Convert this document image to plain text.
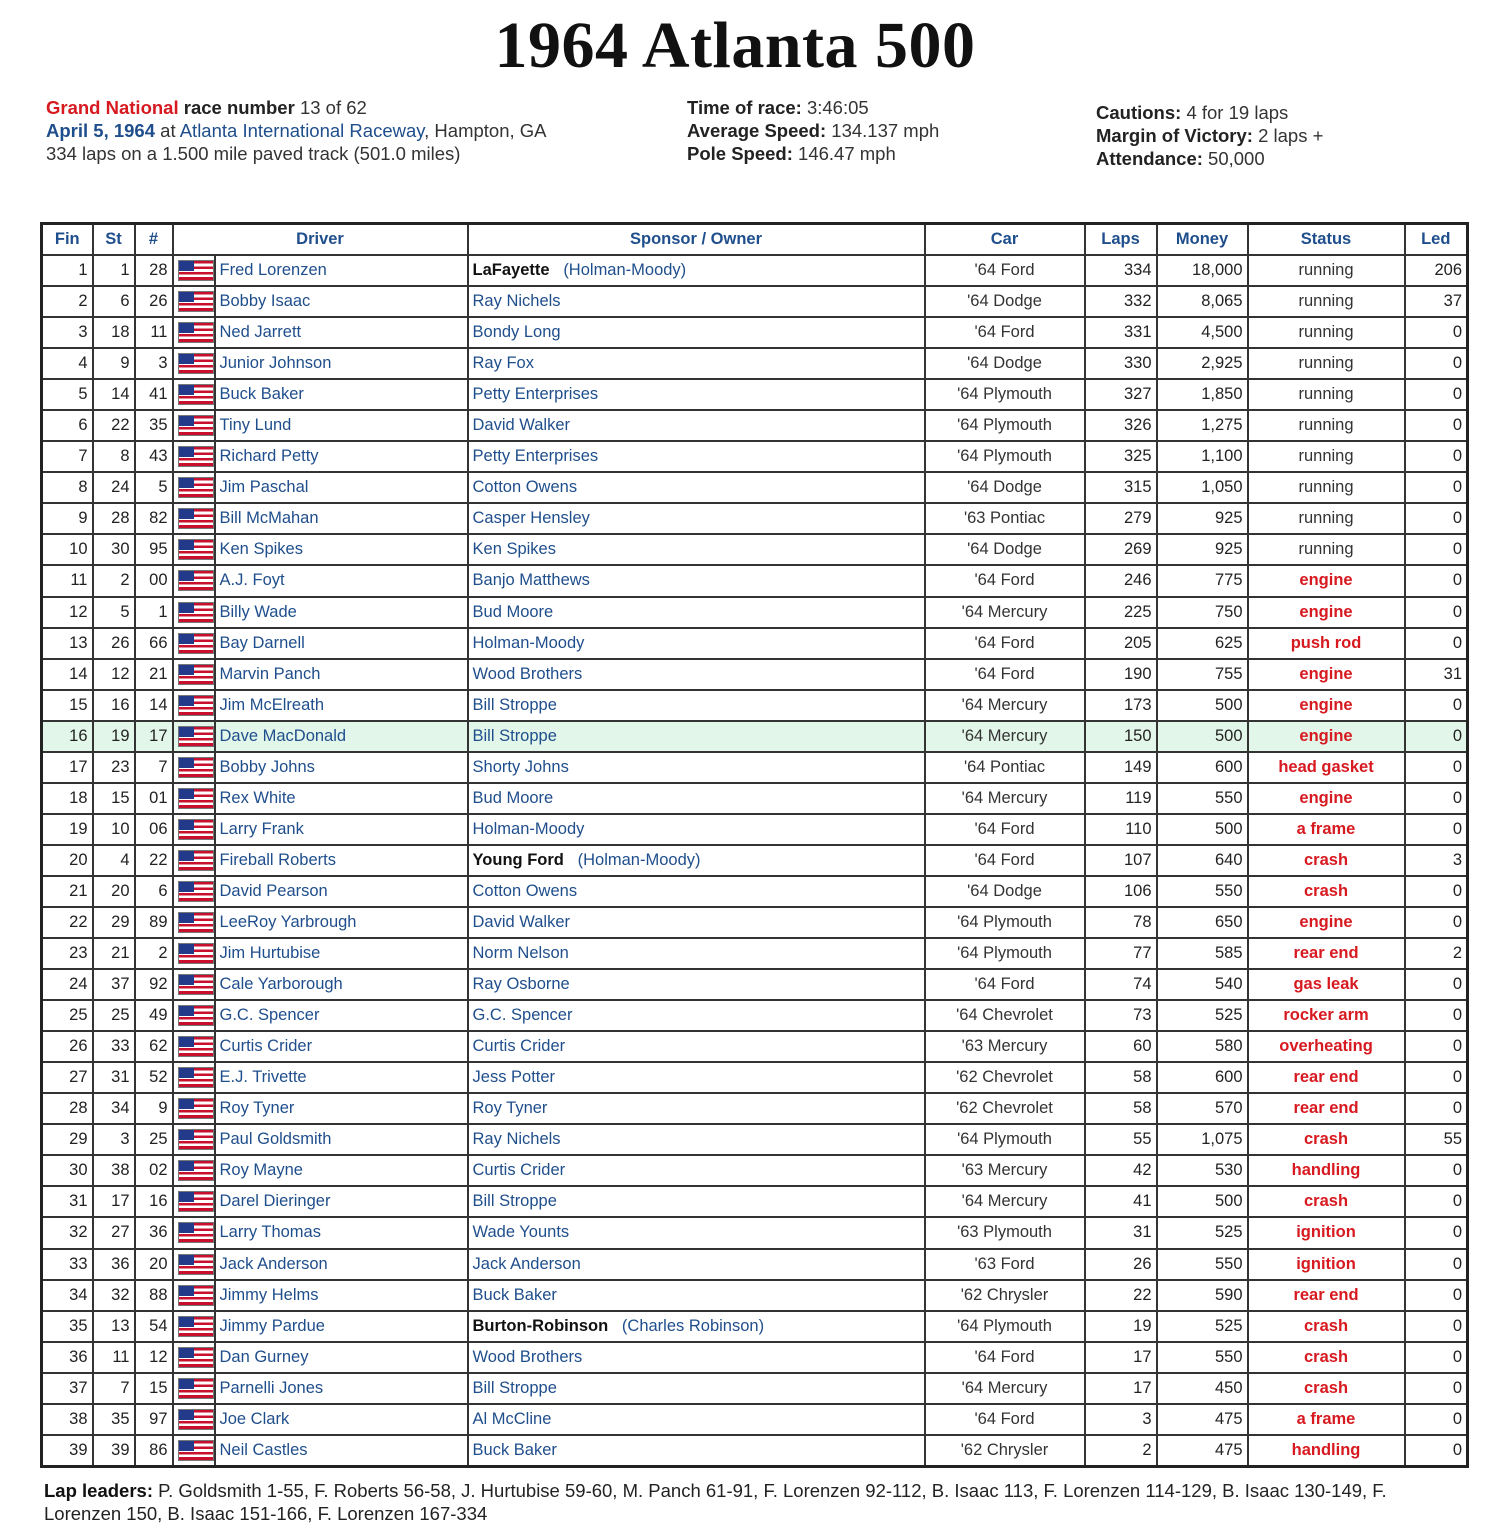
1964 Atlanta 500
Grand National race number 13 of 62
April 5, 1964 at Atlanta International Raceway, Hampton, GA
334 laps on a 1.500 mile paved track (501.0 miles)
Time of race: 3:46:05
Average Speed: 134.137 mph
Pole Speed: 146.47 mph
Cautions: 4 for 19 laps
Margin of Victory: 2 laps +
Attendance: 50,000
Fin	St	#	Driver		Sponsor / Owner	Car	Laps	Money	Status	Led
1	1	28		Fred Lorenzen	LaFayette (Holman-Moody)	'64 Ford	334	18,000	running	206
2	6	26		Bobby Isaac	Ray Nichels	'64 Dodge	332	8,065	running	37
3	18	11		Ned Jarrett	Bondy Long	'64 Ford	331	4,500	running	0
4	9	3		Junior Johnson	Ray Fox	'64 Dodge	330	2,925	running	0
5	14	41		Buck Baker	Petty Enterprises	'64 Plymouth	327	1,850	running	0
6	22	35		Tiny Lund	David Walker	'64 Plymouth	326	1,275	running	0
7	8	43		Richard Petty	Petty Enterprises	'64 Plymouth	325	1,100	running	0
8	24	5		Jim Paschal	Cotton Owens	'64 Dodge	315	1,050	running	0
9	28	82		Bill McMahan	Casper Hensley	'63 Pontiac	279	925	running	0
10	30	95		Ken Spikes	Ken Spikes	'64 Dodge	269	925	running	0
11	2	00		A.J. Foyt	Banjo Matthews	'64 Ford	246	775	engine	0
12	5	1		Billy Wade	Bud Moore	'64 Mercury	225	750	engine	0
13	26	66		Bay Darnell	Holman-Moody	'64 Ford	205	625	push rod	0
14	12	21		Marvin Panch	Wood Brothers	'64 Ford	190	755	engine	31
15	16	14		Jim McElreath	Bill Stroppe	'64 Mercury	173	500	engine	0
16	19	17		Dave MacDonald	Bill Stroppe	'64 Mercury	150	500	engine	0
17	23	7		Bobby Johns	Shorty Johns	'64 Pontiac	149	600	head gasket	0
18	15	01		Rex White	Bud Moore	'64 Mercury	119	550	engine	0
19	10	06		Larry Frank	Holman-Moody	'64 Ford	110	500	a frame	0
20	4	22		Fireball Roberts	Young Ford (Holman-Moody)	'64 Ford	107	640	crash	3
21	20	6		David Pearson	Cotton Owens	'64 Dodge	106	550	crash	0
22	29	89		LeeRoy Yarbrough	David Walker	'64 Plymouth	78	650	engine	0
23	21	2		Jim Hurtubise	Norm Nelson	'64 Plymouth	77	585	rear end	2
24	37	92		Cale Yarborough	Ray Osborne	'64 Ford	74	540	gas leak	0
25	25	49		G.C. Spencer	G.C. Spencer	'64 Chevrolet	73	525	rocker arm	0
26	33	62		Curtis Crider	Curtis Crider	'63 Mercury	60	580	overheating	0
27	31	52		E.J. Trivette	Jess Potter	'62 Chevrolet	58	600	rear end	0
28	34	9		Roy Tyner	Roy Tyner	'62 Chevrolet	58	570	rear end	0
29	3	25		Paul Goldsmith	Ray Nichels	'64 Plymouth	55	1,075	crash	55
30	38	02		Roy Mayne	Curtis Crider	'63 Mercury	42	530	handling	0
31	17	16		Darel Dieringer	Bill Stroppe	'64 Mercury	41	500	crash	0
32	27	36		Larry Thomas	Wade Younts	'63 Plymouth	31	525	ignition	0
33	36	20		Jack Anderson	Jack Anderson	'63 Ford	26	550	ignition	0
34	32	88		Jimmy Helms	Buck Baker	'62 Chrysler	22	590	rear end	0
35	13	54		Jimmy Pardue	Burton-Robinson (Charles Robinson)	'64 Plymouth	19	525	crash	0
36	11	12		Dan Gurney	Wood Brothers	'64 Ford	17	550	crash	0
37	7	15		Parnelli Jones	Bill Stroppe	'64 Mercury	17	450	crash	0
38	35	97		Joe Clark	Al McCline	'64 Ford	3	475	a frame	0
39	39	86		Neil Castles	Buck Baker	'62 Chrysler	2	475	handling	0
Lap leaders: P. Goldsmith 1-55, F. Roberts 56-58, J. Hurtubise 59-60, M. Panch 61-91, F. Lorenzen 92-112, B. Isaac 113, F. Lorenzen 114-129, B. Isaac 130-149, F. Lorenzen 150, B. Isaac 151-166, F. Lorenzen 167-334
